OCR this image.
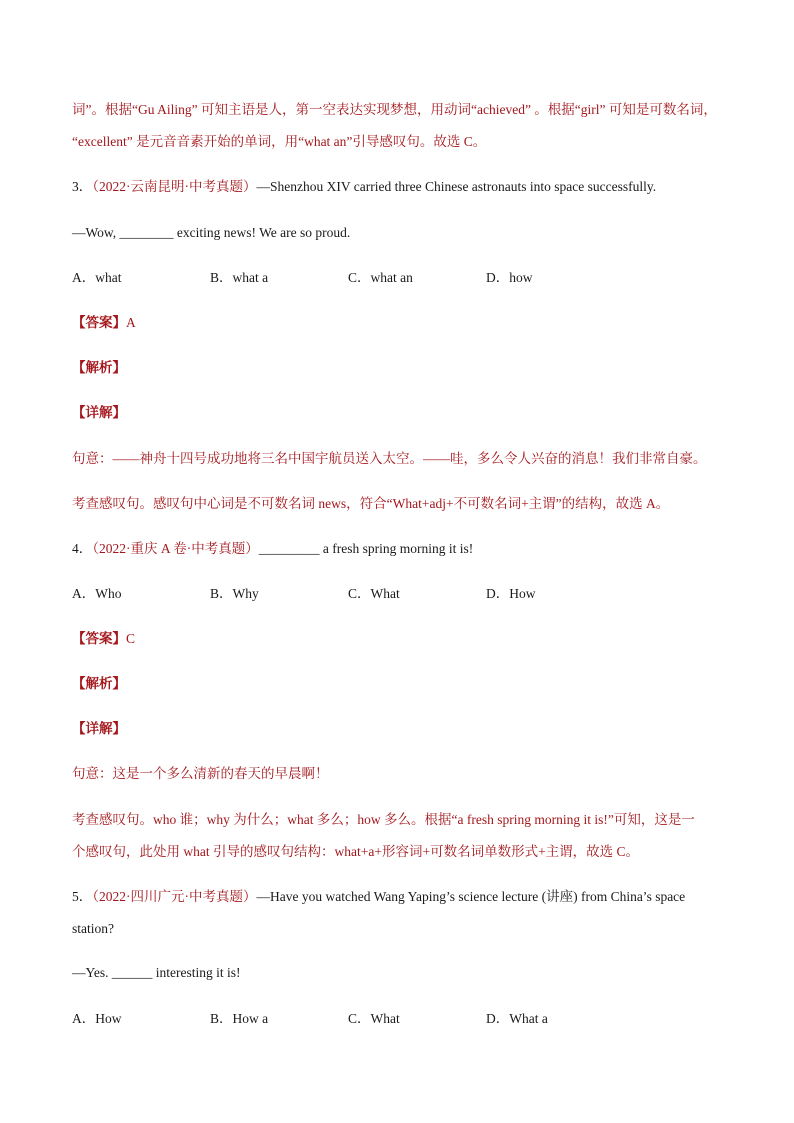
词”。根据“Gu Ailing” 可知主语是人，第一空表达实现梦想，用动词“achieved” 。根据“girl” 可知是可数名词，
“excellent” 是元音音素开始的单词，用“what an”引导感叹句。故选 C。
3．（2022·云南昆明·中考真题）—Shenzhou XIV carried three Chinese astronauts into space successfully.
—Wow, ________ exciting news! We are so proud.
A．what	B．what a	C．what an	D．how
【答案】A
【解析】
【详解】
句意：——神舟十四号成功地将三名中国宇航员送入太空。——哇，多么令人兴奋的消息！我们非常自豪。
考查感叹句。感叹句中心词是不可数名词 news，符合“What+adj+不可数名词+主谓”的结构，故选 A。
4．（2022·重庆 A 卷·中考真题）_________ a fresh spring morning it is!
A．Who	B．Why	C．What	D．How
【答案】C
【解析】
【详解】
句意：这是一个多么清新的春天的早晨啊！
考查感叹句。who 谁；why 为什么；what 多么；how 多么。根据“a fresh spring morning it is!”可知，这是一
个感叹句，此处用 what 引导的感叹句结构：what+a+形容词+可数名词单数形式+主谓，故选 C。
5．（2022·四川广元·中考真题）—Have you watched Wang Yaping’s science lecture (讲座) from China’s space
station?
—Yes. ______ interesting it is!
A．How	B．How a	C．What	D．What a
